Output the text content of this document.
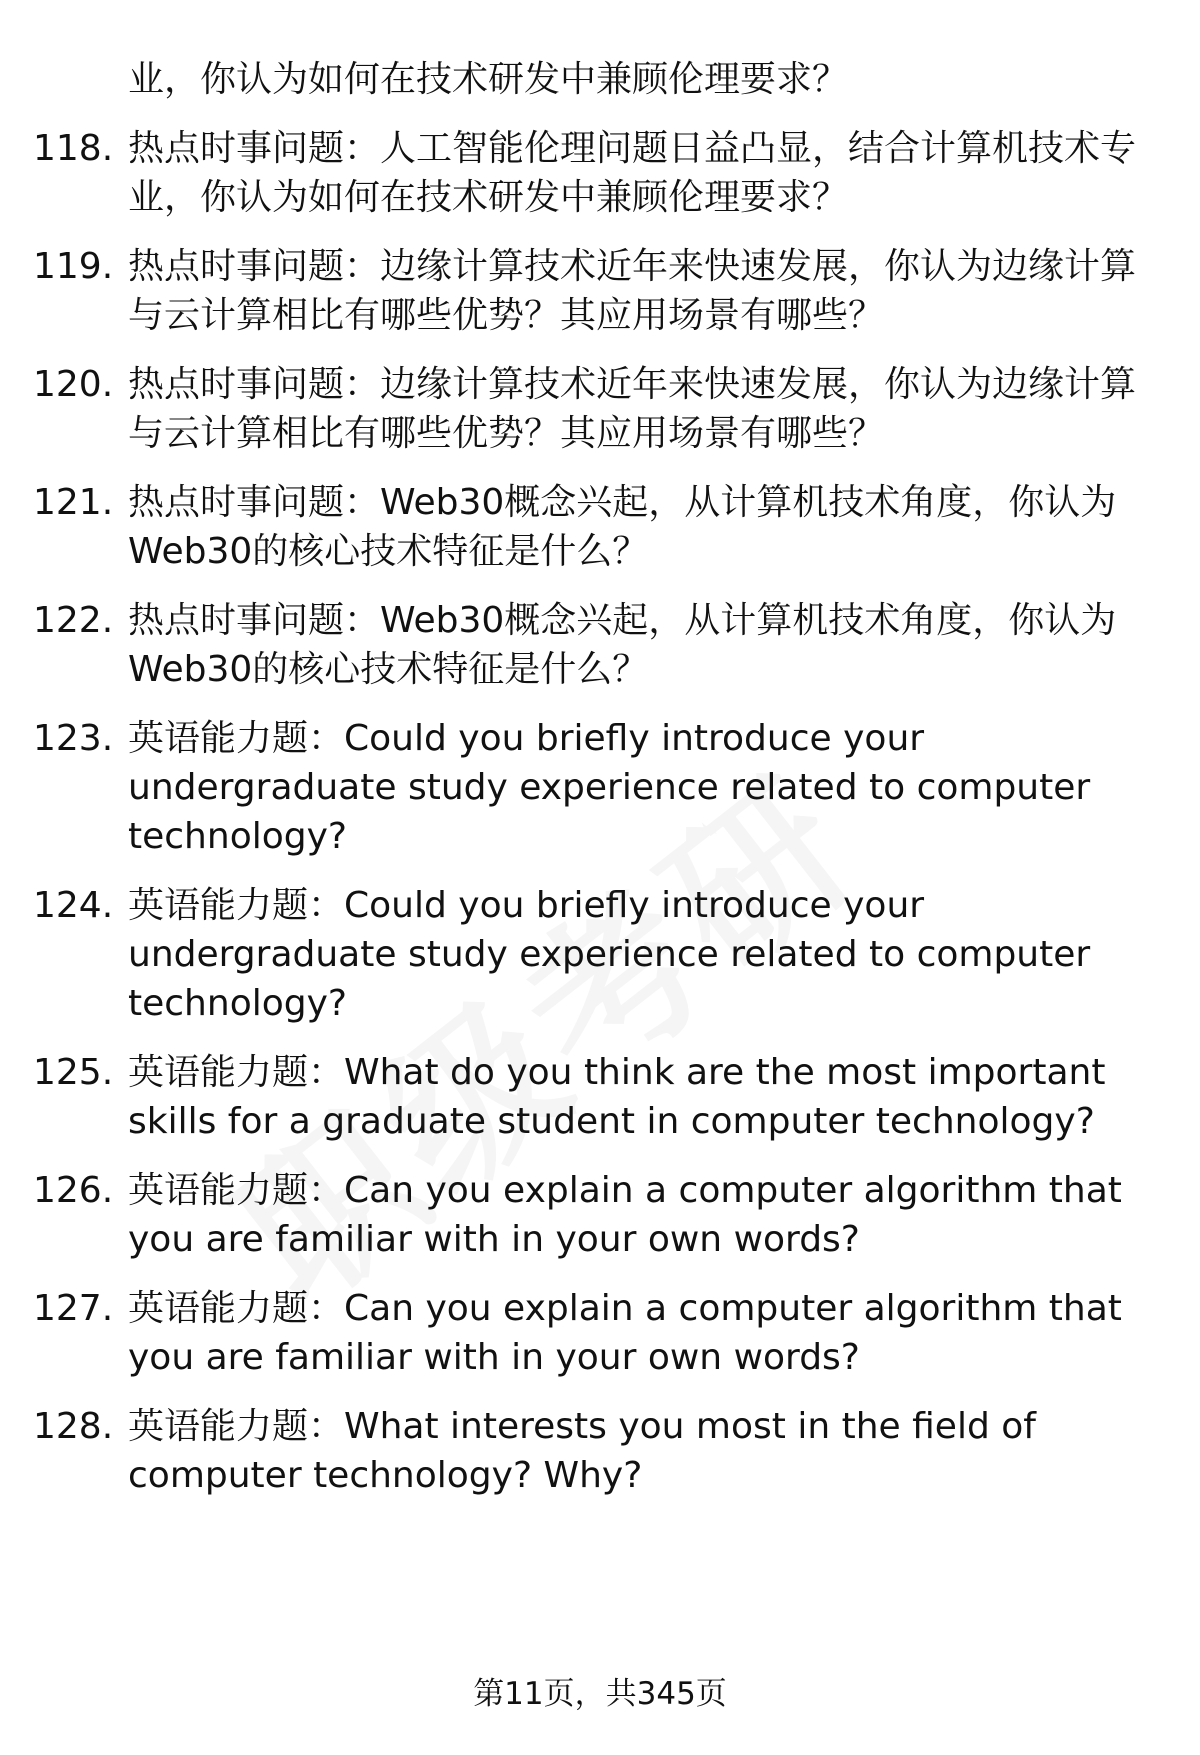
业，你认为如何在技术研发中兼顾伦理要求？
118. 热点时事问题：人工智能伦理问题日益凸显，结合计算机技术专
业，你认为如何在技术研发中兼顾伦理要求？
119. 热点时事问题：边缘计算技术近年来快速发展，你认为边缘计算
与云计算相比有哪些优势？其应用场景有哪些？
120. 热点时事问题：边缘计算技术近年来快速发展，你认为边缘计算
与云计算相比有哪些优势？其应用场景有哪些？
121. 热点时事问题：Web30概念兴起，从计算机技术角度，你认为
Web30的核心技术特征是什么？
122. 热点时事问题：Web30概念兴起，从计算机技术角度，你认为
Web30的核心技术特征是什么？
123. 英语能力题：Could you briefly introduce your
undergraduate study experience related to computer
technology?
124. 英语能力题：Could you briefly introduce your
undergraduate study experience related to computer
technology?
125. 英语能力题：What do you think are the most important
skills for a graduate student in computer technology?
126. 英语能力题：Can you explain a computer algorithm that
you are familiar with in your own words?
127. 英语能力题：Can you explain a computer algorithm that
you are familiar with in your own words?
128. 英语能力题：What interests you most in the field of
computer technology? Why?
第11页，共345页
